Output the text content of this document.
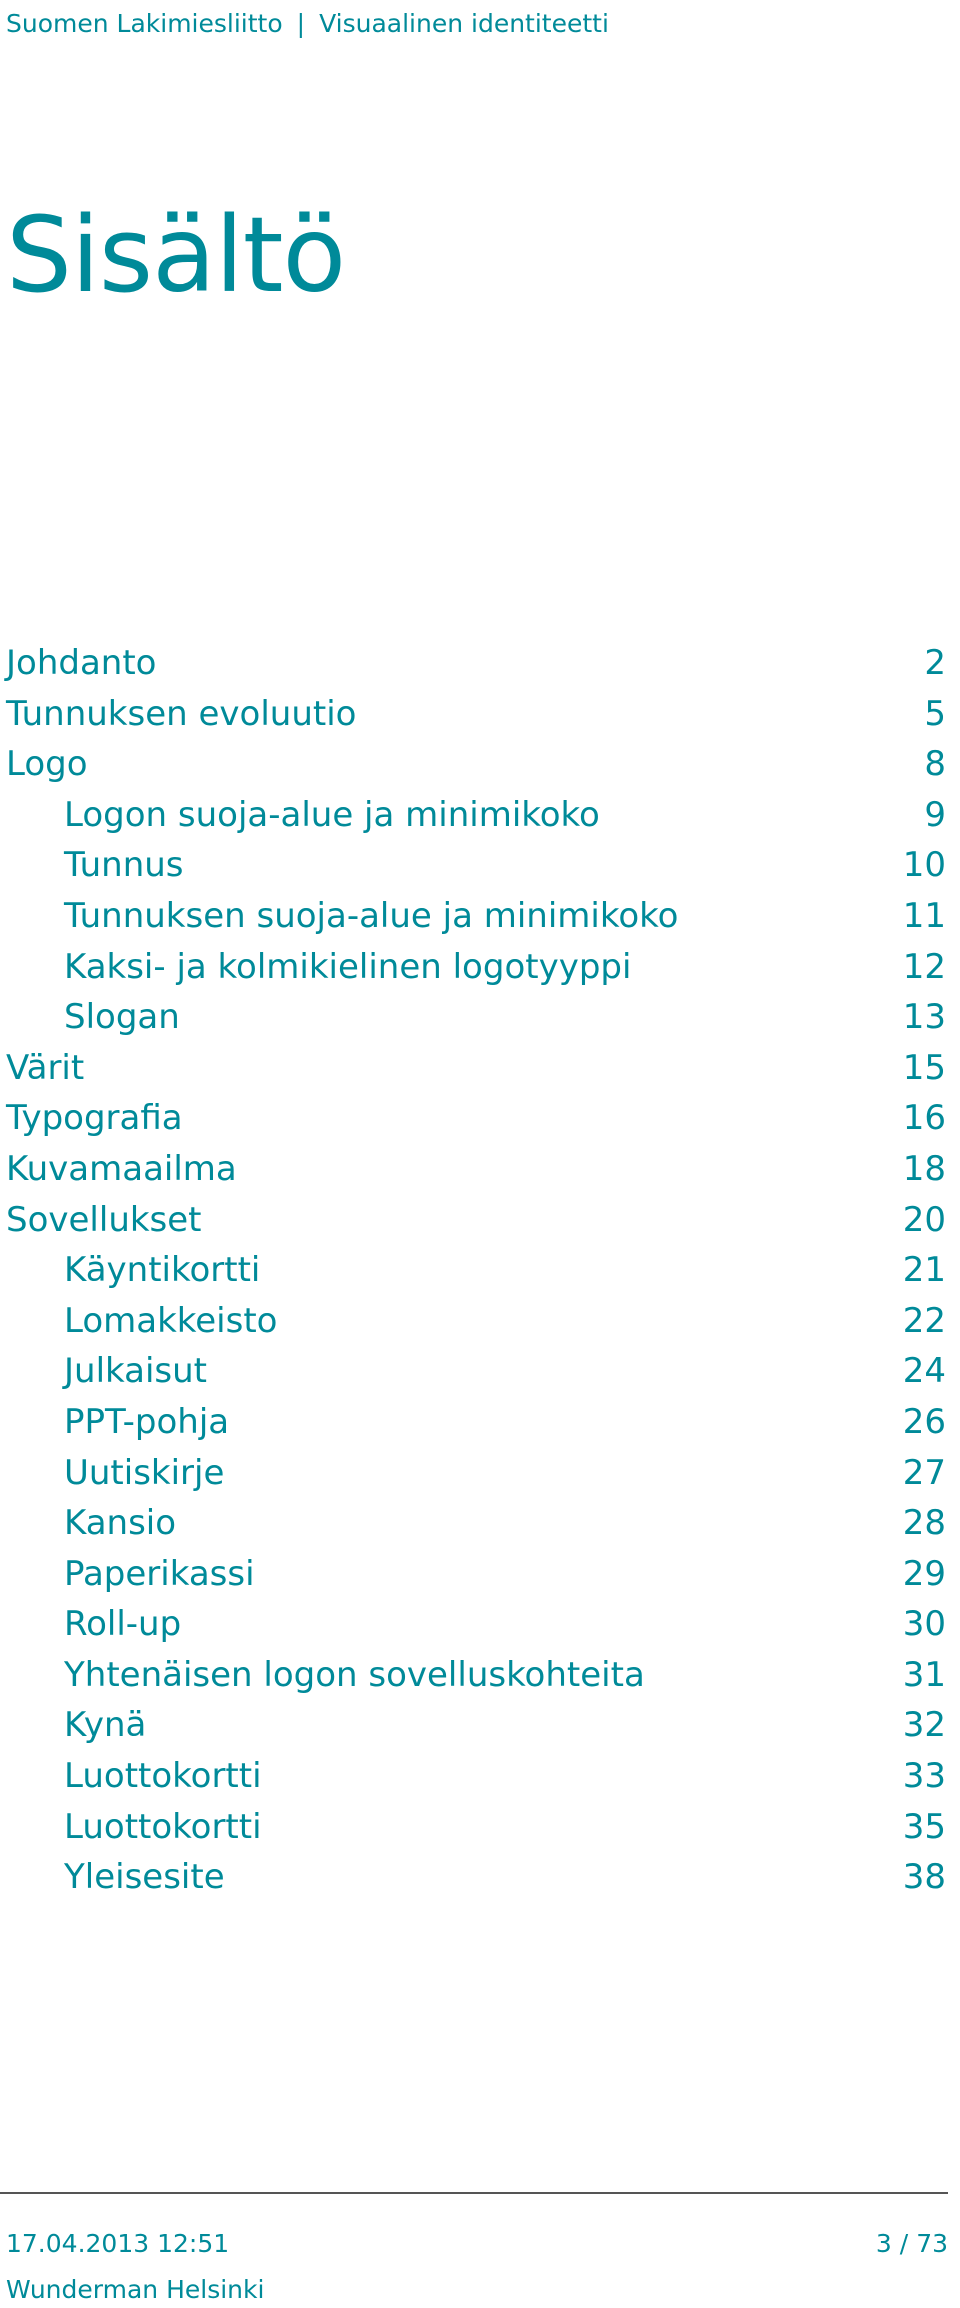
Suomen Lakimiesliitto | Visuaalinen identiteetti
Sisältö
Johdanto	2
Tunnuksen evoluutio	5
Logo	8
Logon suoja-alue ja minimikoko	9
Tunnus	10
Tunnuksen suoja-alue ja minimikoko	11
Kaksi- ja kolmikielinen logotyyppi	12
Slogan	13
Värit	15
Typografia	16
Kuvamaailma	18
Sovellukset	20
Käyntikortti	21
Lomakkeisto	22
Julkaisut	24
PPT-pohja	26
Uutiskirje	27
Kansio	28
Paperikassi	29
Roll-up	30
Yhtenäisen logon sovelluskohteita	31
Kynä	32
Luottokortti	33
Luottokortti	35
Yleisesite	38
17.04.2013 12:51	3 / 73
Wunderman Helsinki
